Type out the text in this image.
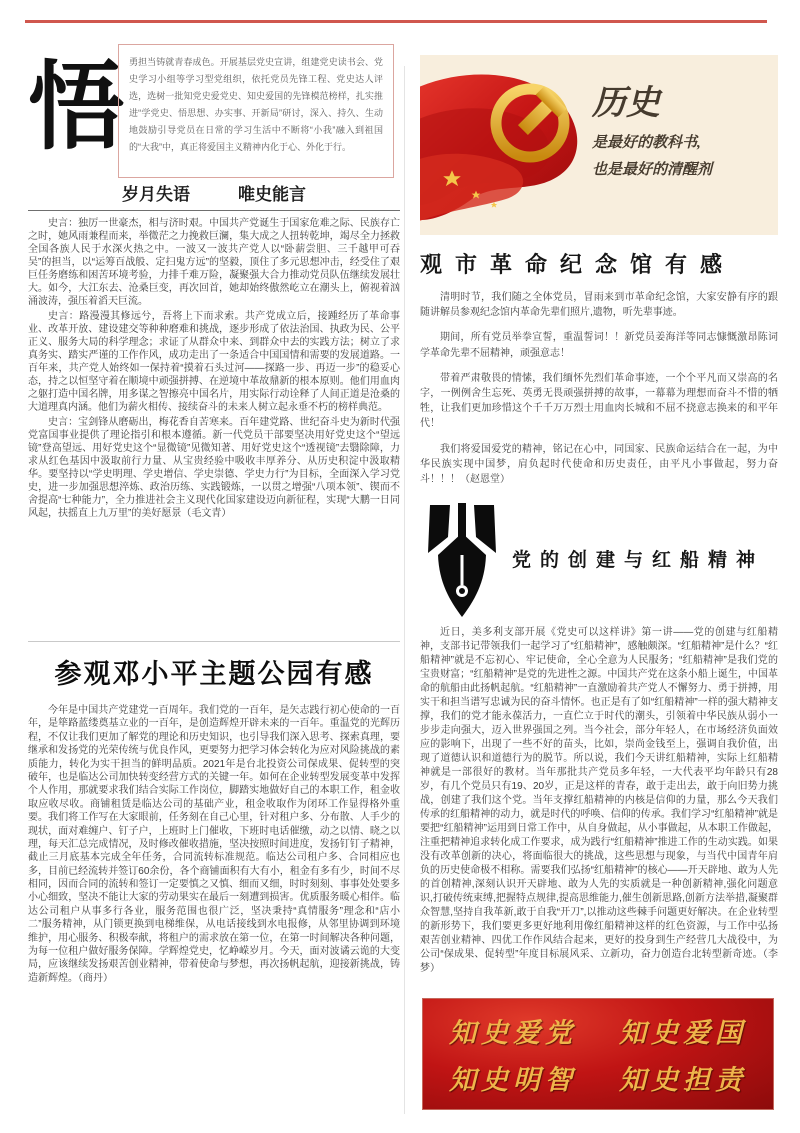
悟 勇担当铸就青春成色。开展基层党史宣讲，组建党史读书会、党史学习小组等学习型党组织，依托党员先锋工程、党史达人评选，选树一批知党史爱党史、知史爱国的先锋模范榜样，扎实推进“学党史、悟思想、办实事、开新局”研讨，深入、持久、生动地鼓励引导党员在日常的学习生活中不断将“小我”融入到祖国的“大我”中，真正将爱国主义精神内化于心、外化于行。
岁月失语	唯史能言

史言：独厉一世豪杰，相与济时艰。中国共产党诞生于国家危难之际、民族存亡之时，她风雨兼程而来，举微茫之力挽救巨澜，集大成之人扭转乾坤，竭尽全力拯救全国各族人民于水深火热之中。一波又一波共产党人以“卧薪尝胆、三千越甲可吞吴”的担当，以“运筹百战般、定扫鬼方远”的坚毅，顶住了多元思想冲击，经受住了艰巨任务磨练和困苦环境考验，力排千难万险，凝聚强大合力推动党员队伍继续发展壮大。如今，大江东去、沧桑巨变，再次回首，她却始终傲然屹立在潮头上，俯视着汹涌波涛，强压着滔天巨流。

史言：路漫漫其修远兮，吾将上下而求索。共产党成立后，接踵经历了革命事业、改革开放、建设建交等种种磨难和挑战，逐步形成了依法治国、执政为民、公平正义、服务大局的科学理念；求证了从群众中来、到群众中去的实践方法；树立了求真务实、踏实严谨的工作作风，成功走出了一条适合中国国情和需要的发展道路。一百年来，共产党人始终如一保持着“摸着石头过河——探路一步、再迈一步”的稳妥心态，持之以恒坚守着在顺境中顽强拼搏、在逆境中革故鼎新的根本原则。他们用血肉之躯打造中国名牌，用多谋之智擦亮中国名片，用实际行动诠释了人间正道是沧桑的大道理真内涵。他们为薪火相传、接续奋斗的未来人树立起永垂不朽的榜样典范。

史言：宝剑锋从磨砺出，梅花香自苦寒来。百年建党路、世纪奋斗史为新时代强党富国事业提供了理论指引和根本遵循。新一代党员干部要坚决用好党史这个“望远镜”登高望远、用好党史这个“显微镜”见微知著、用好党史这个“透视镜”去翳除障，力求从红色基因中汲取前行力量、从宝贵经验中吸收丰厚养分、从历史积淀中汲取精华。要坚持以“学史明理、学史增信、学史崇德、学史力行”为目标，全面深入学习党史，进一步加强思想淬炼、政治历练、实践锻炼，一以贯之增强“八项本领”、锲而不舍提高“七种能力”，全力推进社会主义现代化国家建设迈向新征程，实现“大鹏一日同风起，扶摇直上九万里”的美好愿景（毛文青）

参观邓小平主题公园有感

今年是中国共产党建党一百周年。我们党的一百年，是矢志践行初心使命的一百年，是筚路蓝缕奠基立业的一百年，是创造辉煌开辟未来的一百年。重温党的光辉历程，不仅让我们更加了解党的理论和历史知识，也引导我们深入思考、探索真理，要继承和发扬党的光荣传统与优良作风，更要努力把学习体会转化为应对风险挑战的素质能力，转化为实干担当的鲜明品质。2021年是台北投资公司保成果、促转型的突破年，也是临达公司加快转变经营方式的关键一年。如何在企业转型发展变革中发挥个人作用，那就要求我们结合实际工作岗位，脚踏实地做好自己的本职工作，租金收取应收尽收。商铺租赁是临达公司的基础产业，租金收取作为闭环工作显得格外重要。我们将工作写在大家眼前，任务刻在自己心里，针对租户多、分布散、人手少的现状，面对难缠户、钉子户，上班时上门催收，下班时电话催缴，动之以情、晓之以理，每天汇总完成情况，及时修改催收措施，坚决按照时间进度，发扬钉钉子精神，截止三月底基本完成全年任务，合同流转标准规范。临达公司租户多、合同相应也多，目前已经流转并签订60余份，各个商铺面积有大有小，租金有多有少，时间不尽相同，因而合同的流转和签订一定要慎之又慎、细而又细，时时刻刻、事事处处要多小心细致，坚决不能让大家的劳动果实在最后一刻遭到损害。优质服务暖心相伴。临达公司租户从事多行各业，服务范围也很广泛，坚决秉持“真情服务”理念和“店小二”服务精神，从门锁更换到电梯维保，从电话接线到水电报修，从邻里协调到环境维护，用心服务、积极奉献，将租户的需求放在第一位，在第一时间解决各种问题，为每一位租户做好服务保障。学辉煌党史，忆峥嵘岁月。今天，面对波谲云诡的大变局，应该继续发扬艰苦创业精神，带着使命与梦想，再次扬帆起航，迎接新挑战，铸造新辉煌。（商丹）

历史
是最好的教科书,
也是最好的清醒剂
观市革命纪念馆有感

清明时节，我们随之全体党员，冒雨来到市革命纪念馆，大家安静有序的跟随讲解员参观纪念馆内革命先辈们照片,遗物，听先辈事迹。

期间，所有党员举拳宣誓，重温誓词！！新党员姜海洋等同志慷慨激昂陈词学革命先辈不屈精神，顽强意志！

带着严肃敬畏的情愫，我们缅怀先烈们革命事迹，一个个平凡而又崇高的名字，一例例舍生忘死、英勇无畏顽强拼搏的故事，一幕幕为理想而奋斗不惜的牺牲，让我们更加珍惜这个千千万万烈士用血肉长城和不屈不挠意志换来的和平年代！

我们将爱国爱党的精神，铭记在心中，同国家、民族命运结合在一起，为中华民族实现中国梦，肩负起时代使命和历史责任，由平凡小事做起，努力奋斗！！！（赵恩堂）

党的创建与红船精神

近日，美多利支部开展《党史可以这样讲》第一讲——党的创建与红船精神，支部书记带领我们一起学习了“红船精神”，感触颇深。“红船精神”是什么？“红船精神”就是不忘初心、牢记使命，全心全意为人民服务；“红船精神”是我们党的宝贵财富；“红船精神”是党的先进性之源。中国共产党在这条小船上诞生，中国革命的航船由此扬帆起航。“红船精神”一直激励着共产党人不懈努力、勇于拼搏，用实干和担当谱写忠诚为民的奋斗情怀。也正是有了如“红船精神”一样的强大精神支撑，我们的党才能永葆活力，一直伫立于时代的潮头，引领着中华民族从弱小一步步走向强大，迈入世界强国之列。当今社会，部分年轻人，在市场经济负面效应的影响下，出现了一些不好的苗头，比如，崇尚金钱至上，强调自我价值，出现了道德认识和道德行为的脱节。所以说，我们今天讲红船精神，实际上红船精神就是一部很好的教材。当年那批共产党员多年轻，一大代表平均年龄只有28岁，有几个党员只有19、20岁，正是这样的青春，敢于走出去，敢于向旧势力挑战，创建了我们这个党。当年支撑红船精神的内核是信仰的力量，那么今天我们传承的红船精神的动力，就是时代的呼唤、信仰的传承。我们学习“红船精神”就是要把“红船精神”运用到日常工作中，从自身做起，从小事做起，从本职工作做起，注重把精神追求转化成工作要求，成为践行“红船精神”推进工作的生动实践。如果没有改革创新的决心，将面临很大的挑战，这些思想与现象，与当代中国青年肩负的历史使命极不相称。需要我们弘扬“红船精神”的核心——开天辟地、敢为人先的首创精神,深刻认识开天辟地、敢为人先的实质就是一种创新精神,强化问题意识,打破传统束缚,把握特点规律,提高思维能力,催生创新思路,创新方法举措,凝聚群众智慧,坚持自我革新,敢于自我“开刀”,以推动这些棘手问题更好解决。在企业转型的新形势下，我们要更多更好地利用像红船精神这样的红色资源，与工作中弘扬艰苦创业精神、四优工作作风结合起来，更好的投身到生产经营几大战役中，为公司“保成果、促转型”年度目标展风采、立新功，奋力创造台北转型新奇迹。（李梦）

知史爱党 知史爱国
知史明智 知史担责
